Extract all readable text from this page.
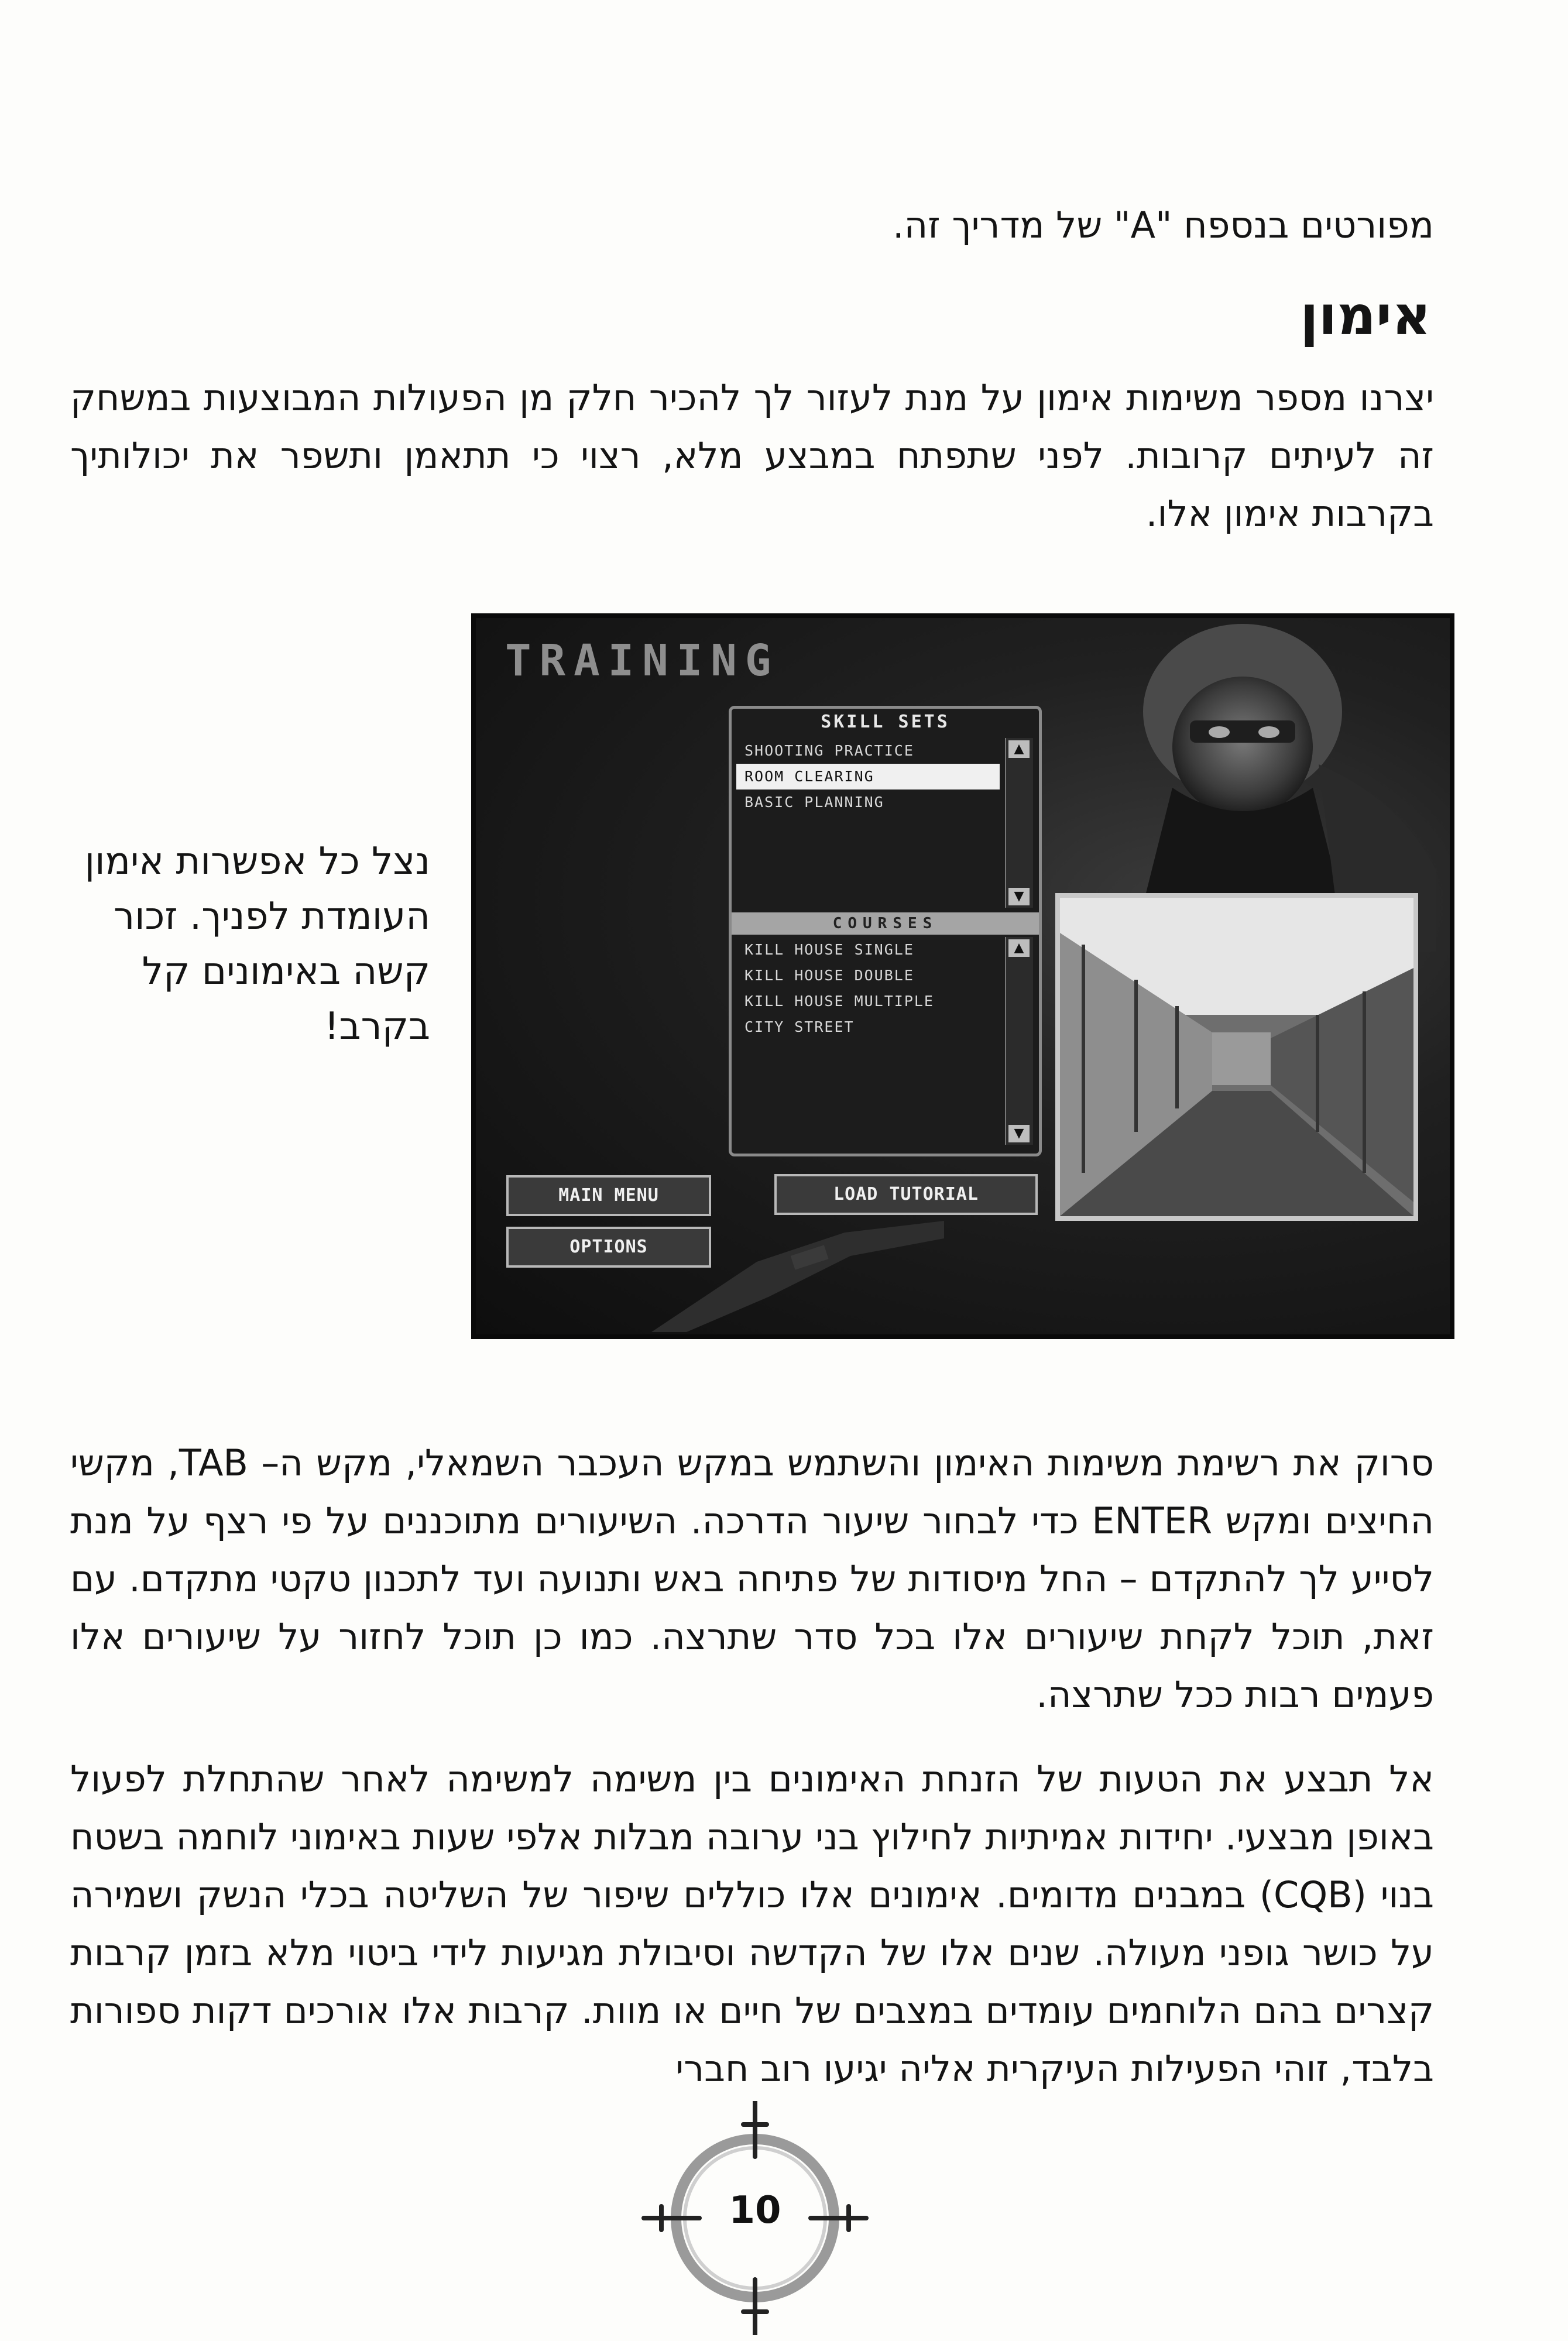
מפורטים בנספח "A" של מדריך זה.
אימון
יצרנו מספר משימות אימון על מנת לעזור לך להכיר חלק מן הפעולות המבוצעות במשחק זה לעיתים קרובות. לפני שתפתח במבצע מלא, רצוי כי תתאמן ותשפר את יכולותיך בקרבות אימון אלו.
נצל כל אפשרות אימון העומדת לפניך. זכור קשה באימונים קל בקרב!
TRAINING
SKILL SETS
SHOOTING PRACTICE
ROOM CLEARING
BASIC PLANNING
▲
▼
COURSES
KILL HOUSE SINGLE
KILL HOUSE DOUBLE
KILL HOUSE MULTIPLE
CITY STREET
▲
▼
MAIN MENU
OPTIONS
LOAD TUTORIAL
סרוק את רשימת משימות האימון והשתמש במקש העכבר השמאלי, מקש ה– TAB, מקשי החיצים ומקש ENTER כדי לבחור שיעור הדרכה. השיעורים מתוכננים על פי רצף על מנת לסייע לך להתקדם – החל מיסודות של פתיחה באש ותנועה ועד לתכנון טקטי מתקדם. עם זאת, תוכל לקחת שיעורים אלו בכל סדר שתרצה. כמו כן תוכל לחזור על שיעורים אלו פעמים רבות ככל שתרצה.
אל תבצע את הטעות של הזנחת האימונים בין משימה למשימה לאחר שהתחלת לפעול באופן מבצעי. יחידות אמיתיות לחילוץ בני ערובה מבלות אלפי שעות באימוני לוחמה בשטח בנוי (CQB) במבנים מדומים. אימונים אלו כוללים שיפור של השליטה בכלי הנשק ושמירה על כושר גופני מעולה. שנים אלו של הקדשה וסיבולת מגיעות לידי ביטוי מלא בזמן קרבות קצרים בהם הלוחמים עומדים במצבים של חיים או מוות. קרבות אלו אורכים דקות ספורות בלבד, זוהי הפעילות העיקרית אליה יגיעו רוב חברי
10
